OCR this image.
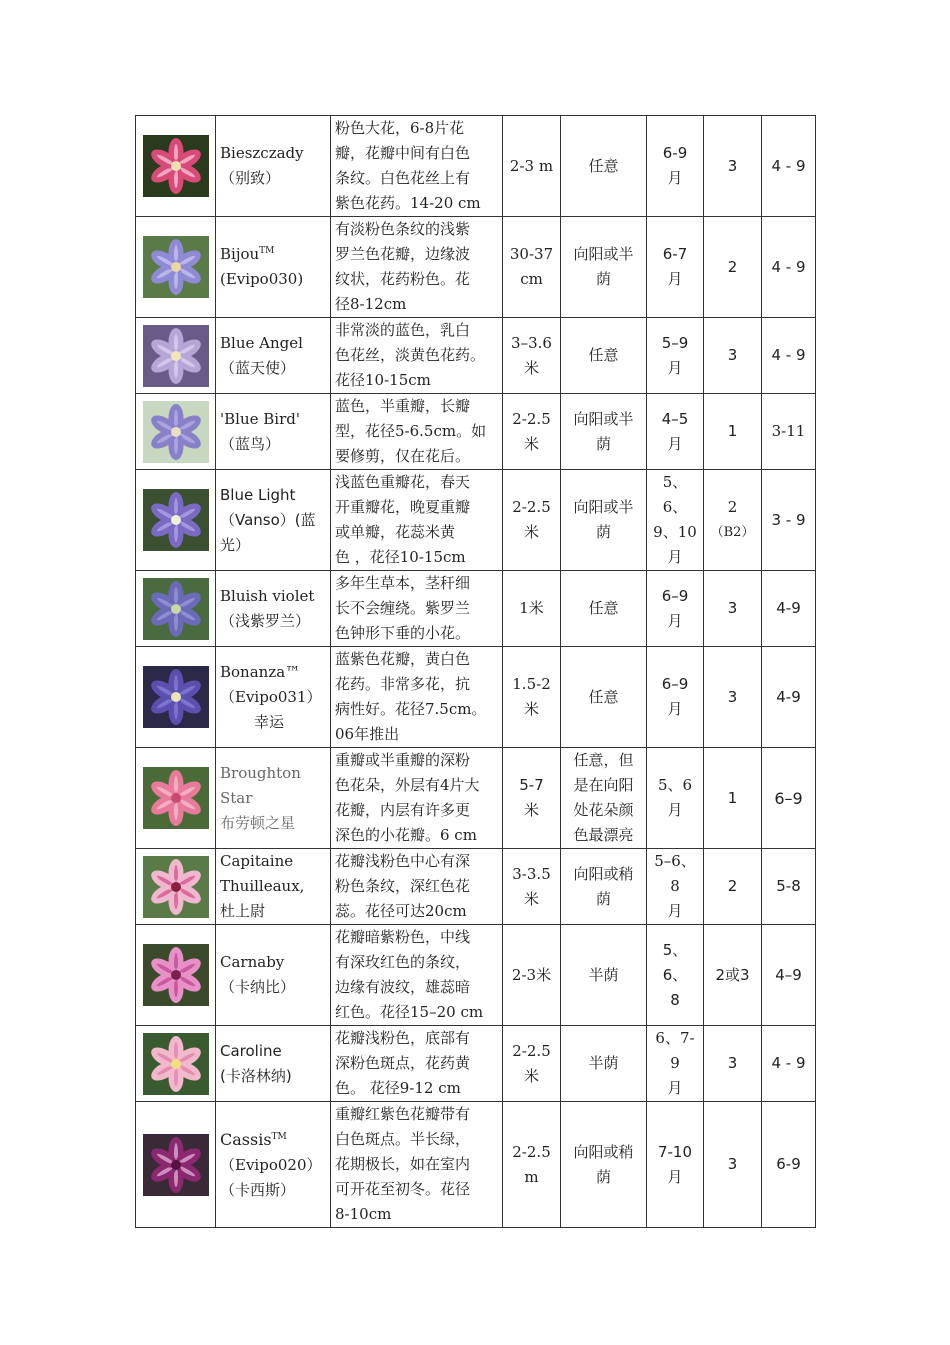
Bieszczady
（别致）	粉色大花，6-8片花
瓣，花瓣中间有白色
条纹。白色花丝上有
紫色花药。14-20 cm	2-3 m	任意	6-9
月	3	4 - 9

Bijou™
(Evipo030)	有淡粉色条纹的浅紫
罗兰色花瓣，边缘波
纹状，花药粉色。花
径8-12cm	30-37
cm	向阳或半
荫	6-7
月	2	4 - 9

Blue Angel
（蓝天使）	非常淡的蓝色，乳白
色花丝，淡黄色花药。
花径10-15cm	3–3.6
米	任意	5–9
月	3	4 - 9

'Blue Bird'
（蓝鸟）	蓝色，半重瓣，长瓣
型，花径5-6.5cm。如
要修剪，仅在花后。	2-2.5
米	向阳或半
荫	4–5
月	1	3-11

Blue Light
（Vanso）(蓝
光）	浅蓝色重瓣花，春天
开重瓣花，晚夏重瓣
或单瓣，花蕊米黄
色 ，花径10-15cm	2-2.5
米	向阳或半
荫	5、6、
9、10
月	2
（B2）	3 - 9

Bluish violet
（浅紫罗兰）	多年生草本，茎秆细
长不会缠绕。紫罗兰
色钟形下垂的小花。	1米	任意	6–9
月	3	4-9

Bonanza™
（Evipo031）
幸运	蓝紫色花瓣，黄白色
花药。非常多花，抗
病性好。花径7.5cm。
06年推出	1.5-2
米	任意	6–9
月	3	4-9

Broughton
Star
布劳顿之星	重瓣或半重瓣的深粉
色花朵，外层有4片大
花瓣，内层有许多更
深色的小花瓣。6 cm	5-7
米	任意，但
是在向阳
处花朵颜
色最漂亮	5、6
月	1	6–9

Capitaine
Thuilleaux,
杜上尉	花瓣浅粉色中心有深
粉色条纹，深红色花
蕊。花径可达20cm	3-3.5
米	向阳或稍
荫	5–6、
8
月	2	5-8

Carnaby
（卡纳比）	花瓣暗紫粉色，中线
有深玫红色的条纹，
边缘有波纹，雄蕊暗
红色。花径15–20 cm	2-3米	半荫	5、6、
8	2或3	4–9

Caroline
(卡洛林纳)	花瓣浅粉色，底部有
深粉色斑点，花药黄
色。 花径9-12 cm	2-2.5
米	半荫	6、7-9
月	3	4 - 9

Cassis™
（Evipo020）
（卡西斯）	重瓣红紫色花瓣带有
白色斑点。半长绿，
花期极长，如在室内
可开花至初冬。花径
8-10cm	2-2.5
m	向阳或稍
荫	7-10
月	3	6-9
